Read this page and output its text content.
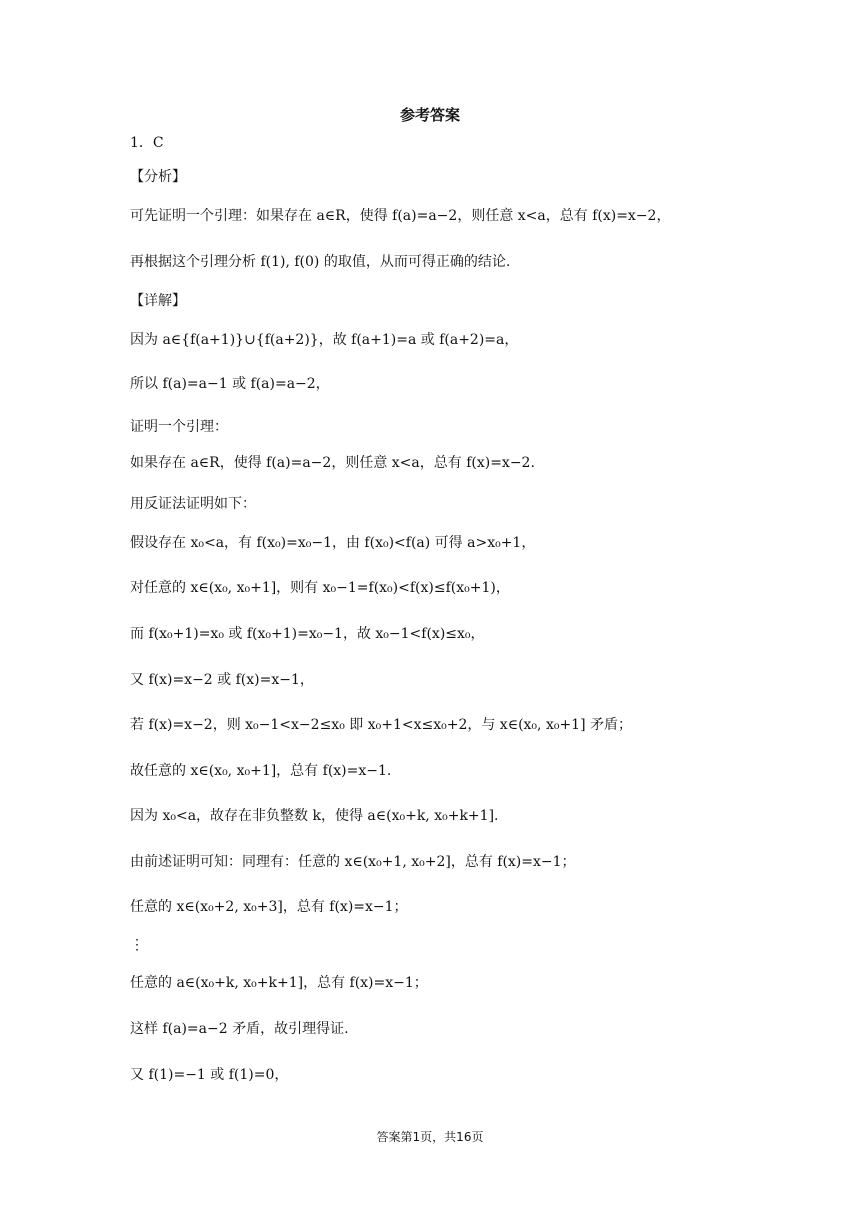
参考答案
1．C
【分析】
可先证明一个引理：如果存在 a∈R，使得 f(a)=a−2，则任意 x<a，总有 f(x)=x−2，
再根据这个引理分析 f(1), f(0) 的取值，从而可得正确的结论.
【详解】
因为 a∈{f(a+1)}∪{f(a+2)}，故 f(a+1)=a 或 f(a+2)=a，
所以 f(a)=a−1 或 f(a)=a−2，
证明一个引理：
如果存在 a∈R，使得 f(a)=a−2，则任意 x<a，总有 f(x)=x−2.
用反证法证明如下：
假设存在 x₀<a，有 f(x₀)=x₀−1，由 f(x₀)<f(a) 可得 a>x₀+1，
对任意的 x∈(x₀, x₀+1]，则有 x₀−1=f(x₀)<f(x)≤f(x₀+1)，
而 f(x₀+1)=x₀ 或 f(x₀+1)=x₀−1，故 x₀−1<f(x)≤x₀，
又 f(x)=x−2 或 f(x)=x−1，
若 f(x)=x−2，则 x₀−1<x−2≤x₀ 即 x₀+1<x≤x₀+2，与 x∈(x₀, x₀+1] 矛盾；
故任意的 x∈(x₀, x₀+1]，总有 f(x)=x−1.
因为 x₀<a，故存在非负整数 k，使得 a∈(x₀+k, x₀+k+1].
由前述证明可知：同理有：任意的 x∈(x₀+1, x₀+2]，总有 f(x)=x−1；
任意的 x∈(x₀+2, x₀+3]，总有 f(x)=x−1；
⋮
任意的 a∈(x₀+k, x₀+k+1]，总有 f(x)=x−1；
这样 f(a)=a−2 矛盾，故引理得证.
又 f(1)=−1 或 f(1)=0，
答案第1页，共16页
